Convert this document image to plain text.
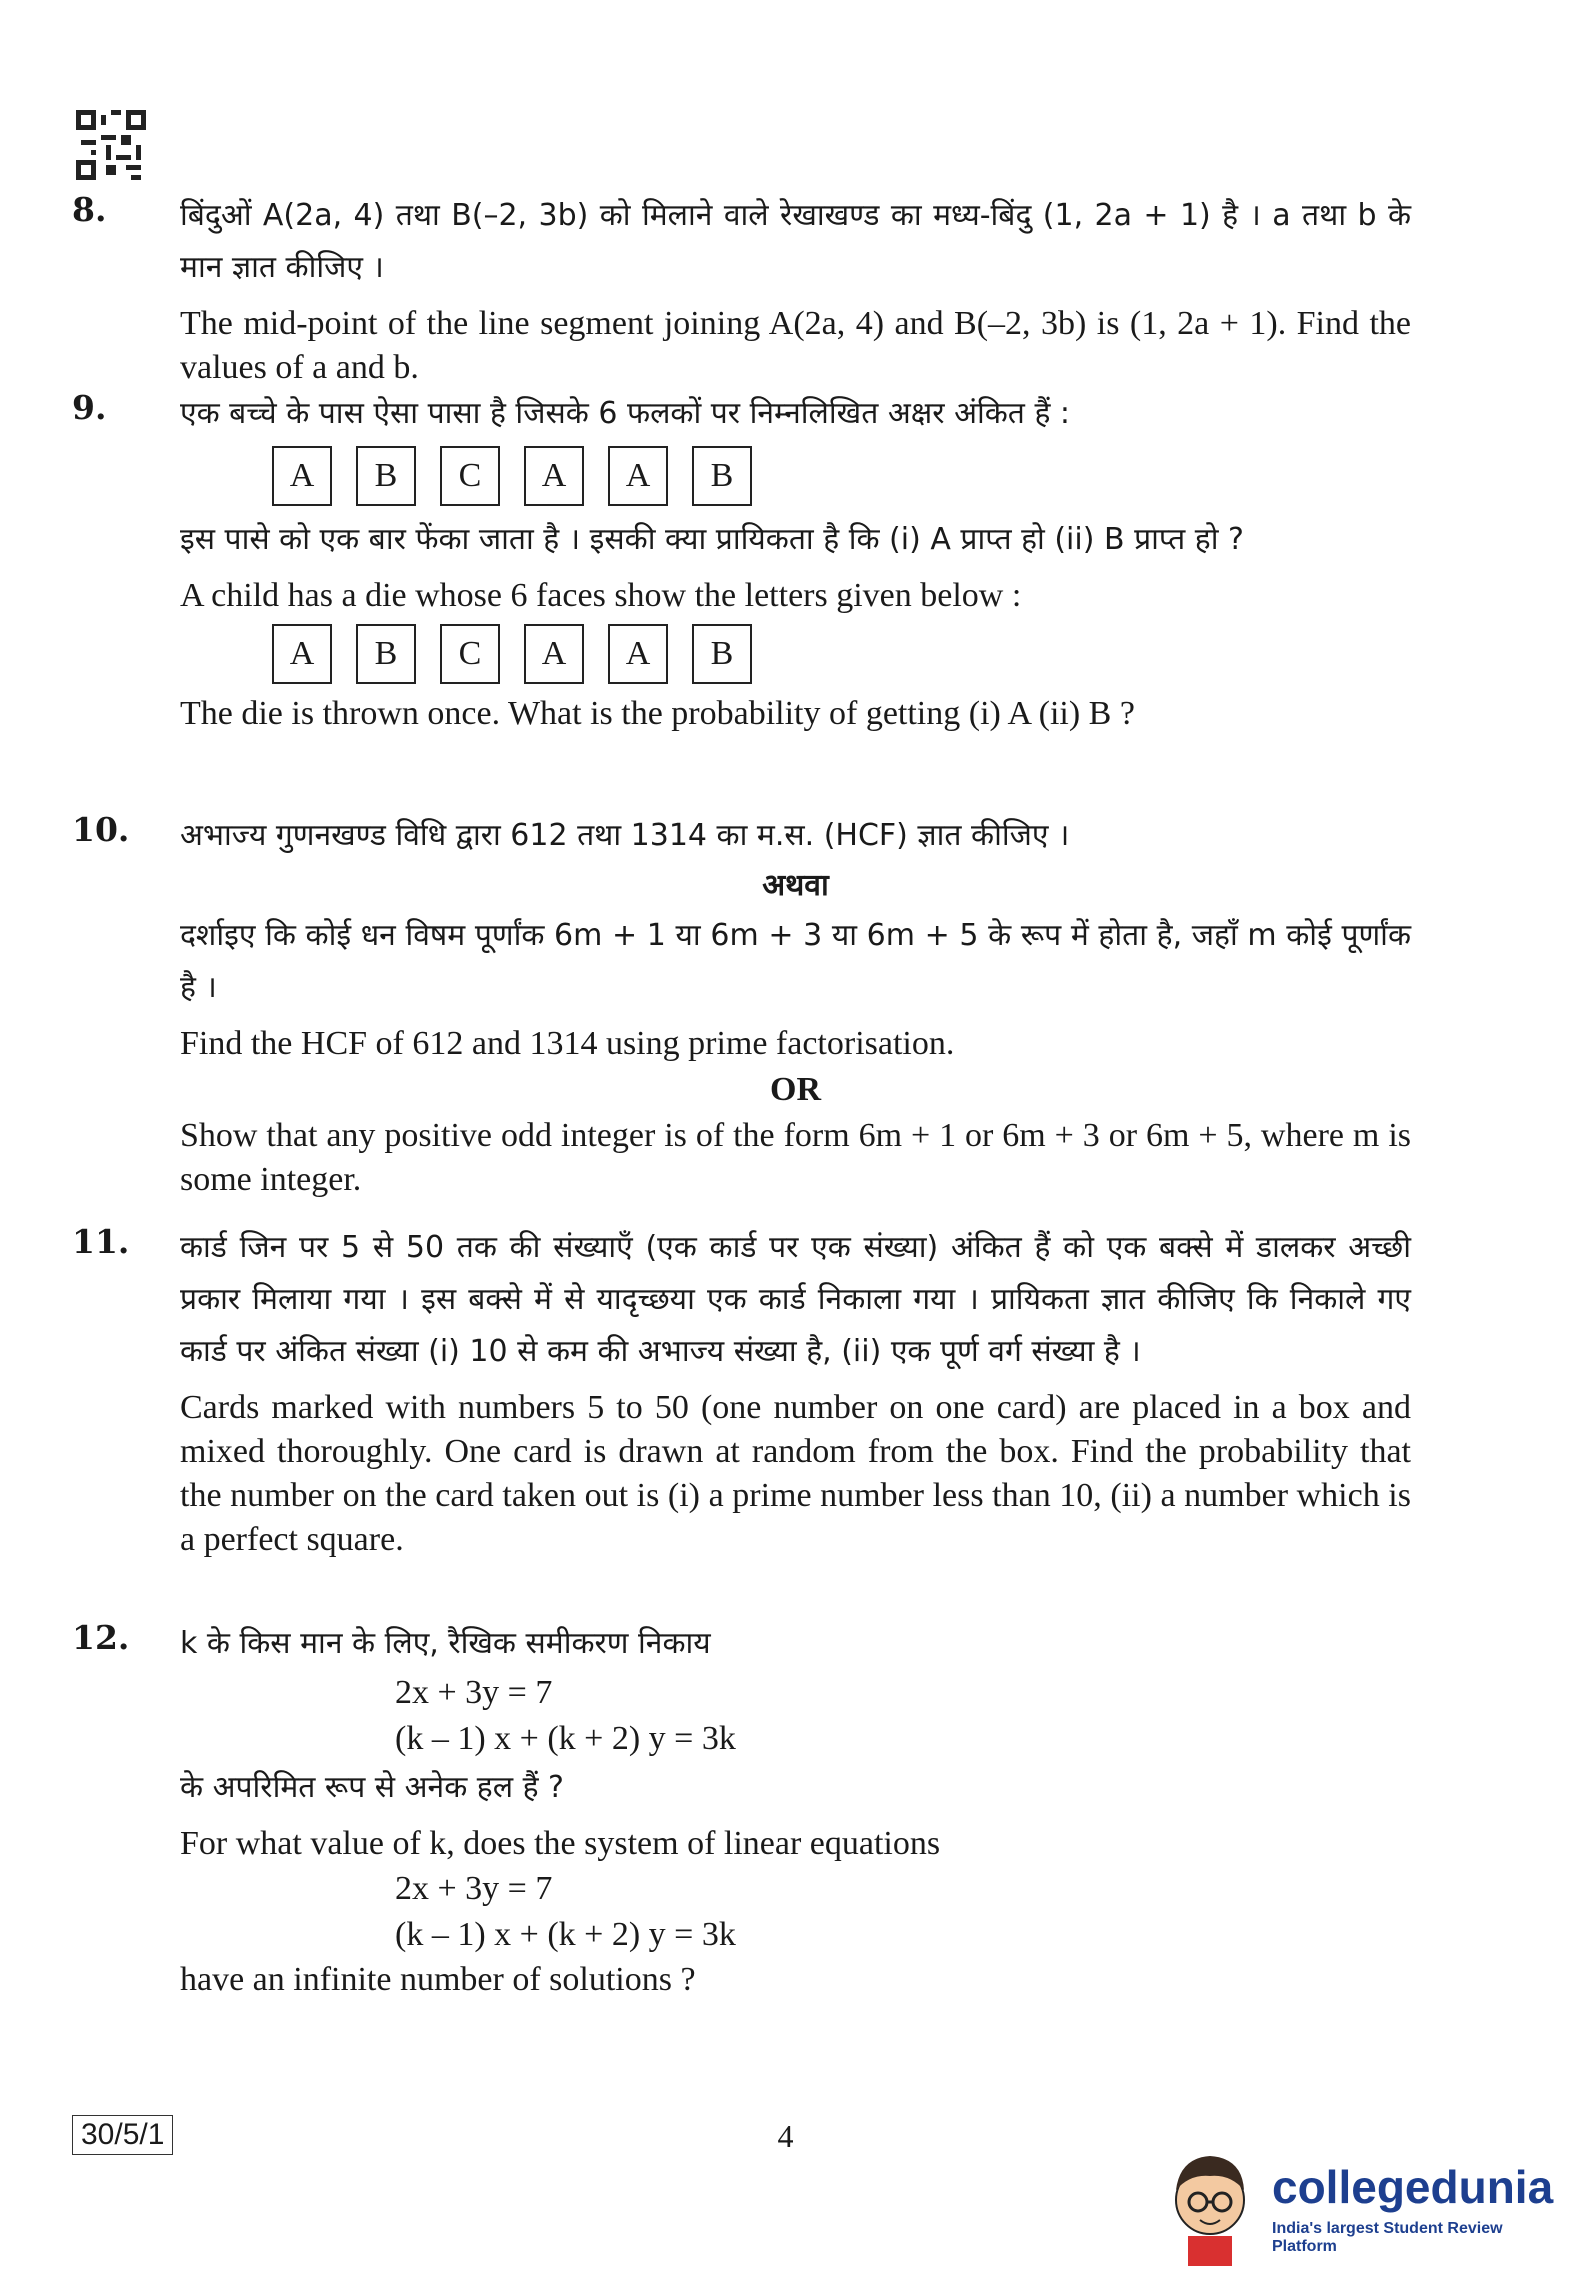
8. बिंदुओं A(2a, 4) तथा B(–2, 3b) को मिलाने वाले रेखाखण्ड का मध्य-बिंदु (1, 2a + 1) है । a तथा b के मान ज्ञात कीजिए ।

The mid-point of the line segment joining A(2a, 4) and B(–2, 3b) is (1, 2a + 1). Find the values of a and b.

9. एक बच्चे के पास ऐसा पासा है जिसके 6 फलकों पर निम्नलिखित अक्षर अंकित हैं :

A	B	C	A	A	B

इस पासे को एक बार फेंका जाता है । इसकी क्या प्रायिकता है कि (i) A प्राप्त हो (ii) B प्राप्त हो ?

A child has a die whose 6 faces show the letters given below :

A	B	C	A	A	B

The die is thrown once. What is the probability of getting (i) A (ii) B ?

10. अभाज्य गुणनखण्ड विधि द्वारा 612 तथा 1314 का म.स. (HCF) ज्ञात कीजिए ।

अथवा

दर्शाइए कि कोई धन विषम पूर्णांक 6m + 1 या 6m + 3 या 6m + 5 के रूप में होता है, जहाँ m कोई पूर्णांक है ।

Find the HCF of 612 and 1314 using prime factorisation.

OR

Show that any positive odd integer is of the form 6m + 1 or 6m + 3 or 6m + 5, where m is some integer.

11. कार्ड जिन पर 5 से 50 तक की संख्याएँ (एक कार्ड पर एक संख्या) अंकित हैं को एक बक्से में डालकर अच्छी प्रकार मिलाया गया । इस बक्से में से यादृच्छया एक कार्ड निकाला गया । प्रायिकता ज्ञात कीजिए कि निकाले गए कार्ड पर अंकित संख्या (i) 10 से कम की अभाज्य संख्या है, (ii) एक पूर्ण वर्ग संख्या है ।

Cards marked with numbers 5 to 50 (one number on one card) are placed in a box and mixed thoroughly. One card is drawn at random from the box. Find the probability that the number on the card taken out is (i) a prime number less than 10, (ii) a number which is a perfect square.

12. k के किस मान के लिए, रैखिक समीकरण निकाय

2x + 3y = 7

(k – 1) x + (k + 2) y = 3k

के अपरिमित रूप से अनेक हल हैं ?

For what value of k, does the system of linear equations

2x + 3y = 7

(k – 1) x + (k + 2) y = 3k

have an infinite number of solutions ?

30/5/1	4
collegedunia
India's largest Student Review Platform
